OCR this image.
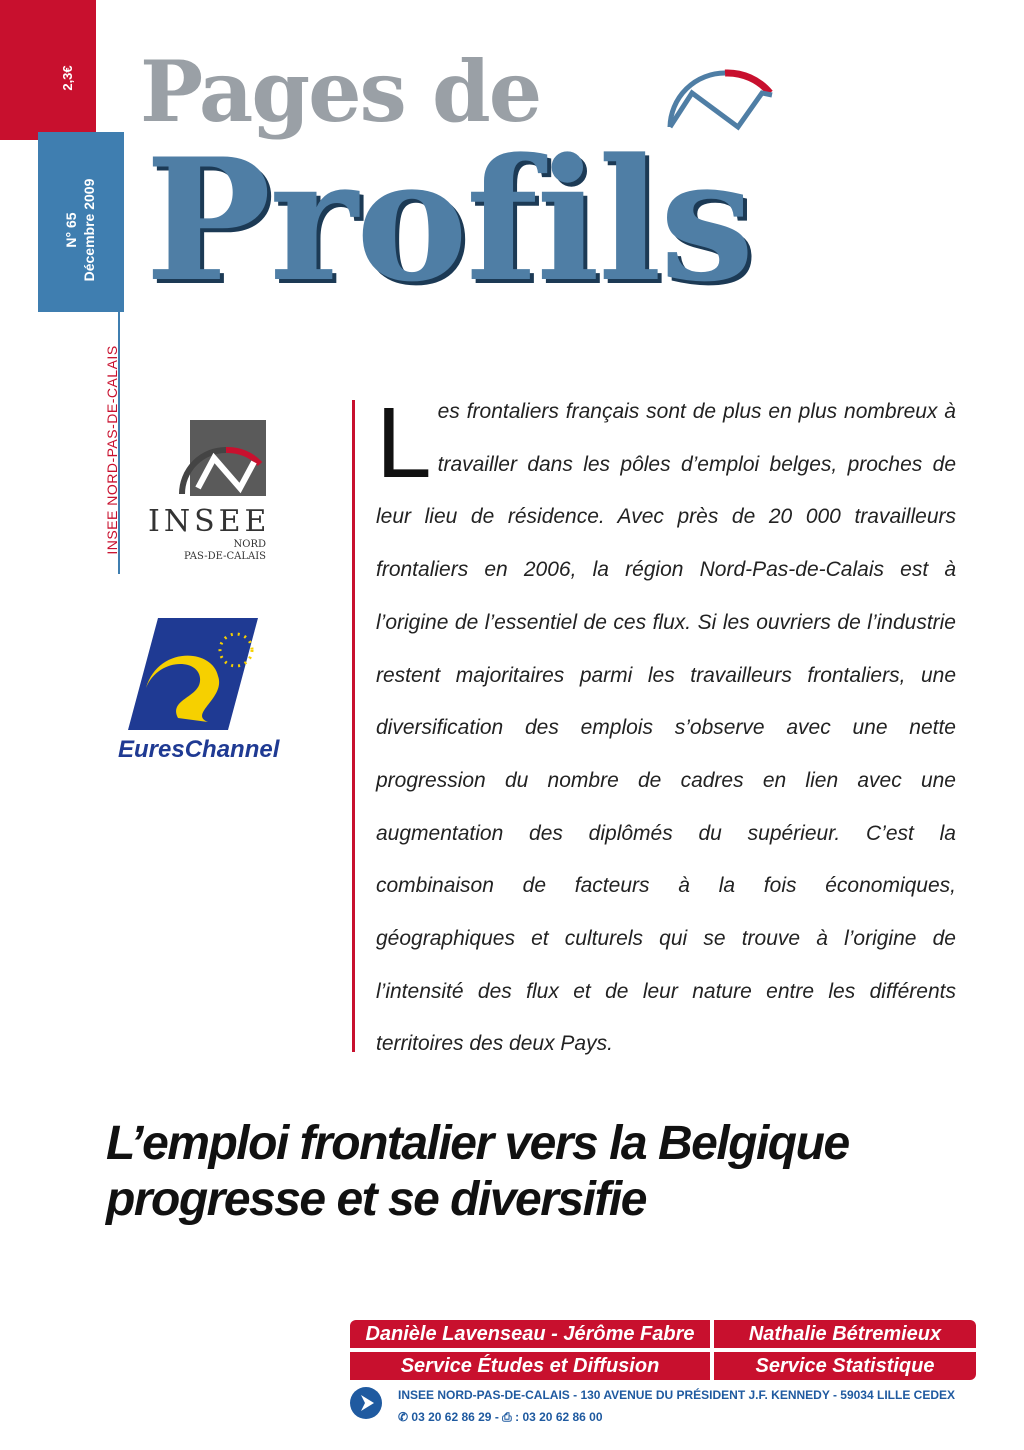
2,3€
N° 65 Décembre 2009
INSEE NORD-PAS-DE-CALAIS
Pages de
Profils
INSEE
NORD
PAS-DE-CALAIS
EuresChannel
L es frontaliers français sont de plus en plus nombreux à travailler dans les pôles d’emploi belges, proches de leur lieu de résidence. Avec près de 20 000 travailleurs frontaliers en 2006, la région Nord-Pas-de-Calais est à l’origine de l’essentiel de ces flux. Si les ouvriers de l’industrie restent majoritaires parmi les travailleurs frontaliers, une diversification des emplois s’observe avec une nette progression du nombre de cadres en lien avec une augmentation des diplômés du supérieur. C’est la combinaison de facteurs à la fois économiques, géographiques et culturels qui se trouve à l’origine de l’intensité des flux et de leur nature entre les différents territoires des deux Pays.
L’emploi frontalier vers la Belgique
progresse et se diversifie
Danièle Lavenseau - Jérôme Fabre
Service Études et Diffusion
Nathalie Bétremieux
Service Statistique
INSEE NORD-PAS-DE-CALAIS - 130 AVENUE DU PRÉSIDENT J.F. KENNEDY - 59034 LILLE CEDEX
✆ 03 20 62 86 29 - ⎙ : 03 20 62 86 00
